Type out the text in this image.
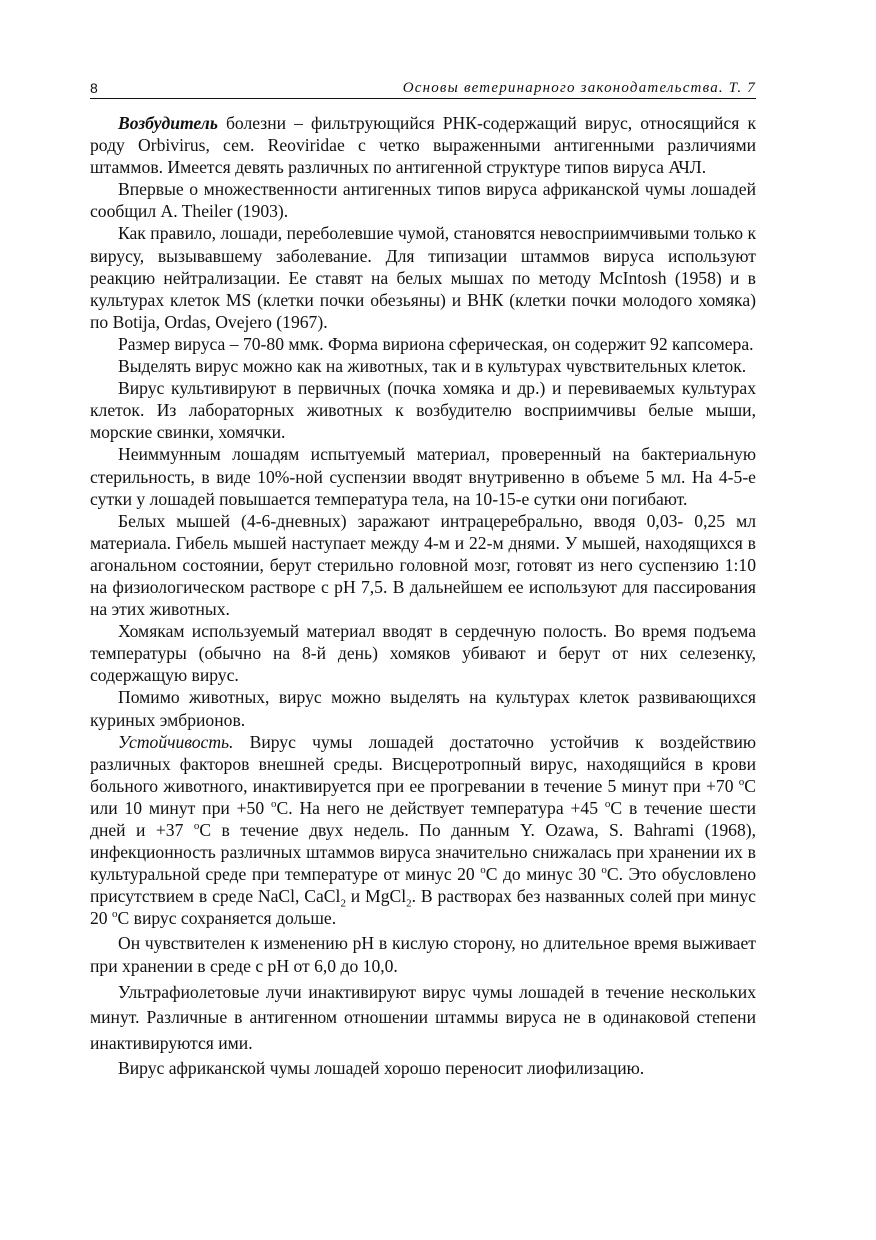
8	Основы ветеринарного законодательства. Т. 7

Возбудитель болезни – фильтрующийся РНК-содержащий вирус, относящийся к роду Orbivirus, сем. Reoviridae с четко выраженными антигенными различиями штаммов. Имеется девять различных по антигенной структуре типов вируса АЧЛ.

Впервые о множественности антигенных типов вируса африканской чумы лошадей сообщил A. Theiler (1903).

Как правило, лошади, переболевшие чумой, становятся невосприимчивыми только к вирусу, вызывавшему заболевание. Для типизации штаммов вируса используют реакцию нейтрализации. Ее ставят на белых мышах по методу McIntosh (1958) и в культурах клеток MS (клетки почки обезьяны) и ВНК (клетки почки молодого хомяка) по Botija, Ordas, Ovejero (1967).

Размер вируса – 70-80 ммк. Форма вириона сферическая, он содержит 92 капсомера.

Выделять вирус можно как на животных, так и в культурах чувствительных клеток.

Вирус культивируют в первичных (почка хомяка и др.) и перевиваемых культурах клеток. Из лабораторных животных к возбудителю восприимчивы белые мыши, морские свинки, хомячки.

Неиммунным лошадям испытуемый материал, проверенный на бактериальную стерильность, в виде 10%-ной суспензии вводят внутривенно в объеме 5 мл. На 4-5-е сутки у лошадей повышается температура тела, на 10-15-е сутки они погибают.

Белых мышей (4-6-дневных) заражают интрацеребрально, вводя 0,03- 0,25 мл материала. Гибель мышей наступает между 4-м и 22-м днями. У мышей, находящихся в агональном состоянии, берут стерильно головной мозг, готовят из него суспензию 1:10 на физиологическом растворе с рН 7,5. В дальнейшем ее используют для пассирования на этих животных.

Хомякам используемый материал вводят в сердечную полость. Во время подъема температуры (обычно на 8-й день) хомяков убивают и берут от них селезенку, содержащую вирус.

Помимо животных, вирус можно выделять на культурах клеток развивающихся куриных эмбрионов.

Устойчивость. Вирус чумы лошадей достаточно устойчив к воздействию различных факторов внешней среды. Висцеротропный вирус, находящийся в крови больного животного, инактивируется при ее прогревании в течение 5 минут при +70 $^о$С или 10 минут при +50 $^о$С. На него не действует температура +45 $^о$С в течение шести дней и +37 $^о$С в течение двух недель. По данным Y. Ozawa, S. Bahrami (1968), инфекционность различных штаммов вируса значительно снижалась при хранении их в культуральной среде при температуре от минус 20 $^о$С до минус 30 $^о$С. Это обусловлено присутствием в среде NaCl, CaCl$_2$ и MgCl$_2$. В растворах без названных солей при минус 20 $^о$С вирус сохраняется дольше.

Он чувствителен к изменению рН в кислую сторону, но длительное время выживает при хранении в среде с рН от 6,0 до 10,0.

Ультрафиолетовые лучи инактивируют вирус чумы лошадей в течение нескольких минут. Различные в антигенном отношении штаммы вируса не в одинаковой степени инактивируются ими.

Вирус африканской чумы лошадей хорошо переносит лиофилизацию.
